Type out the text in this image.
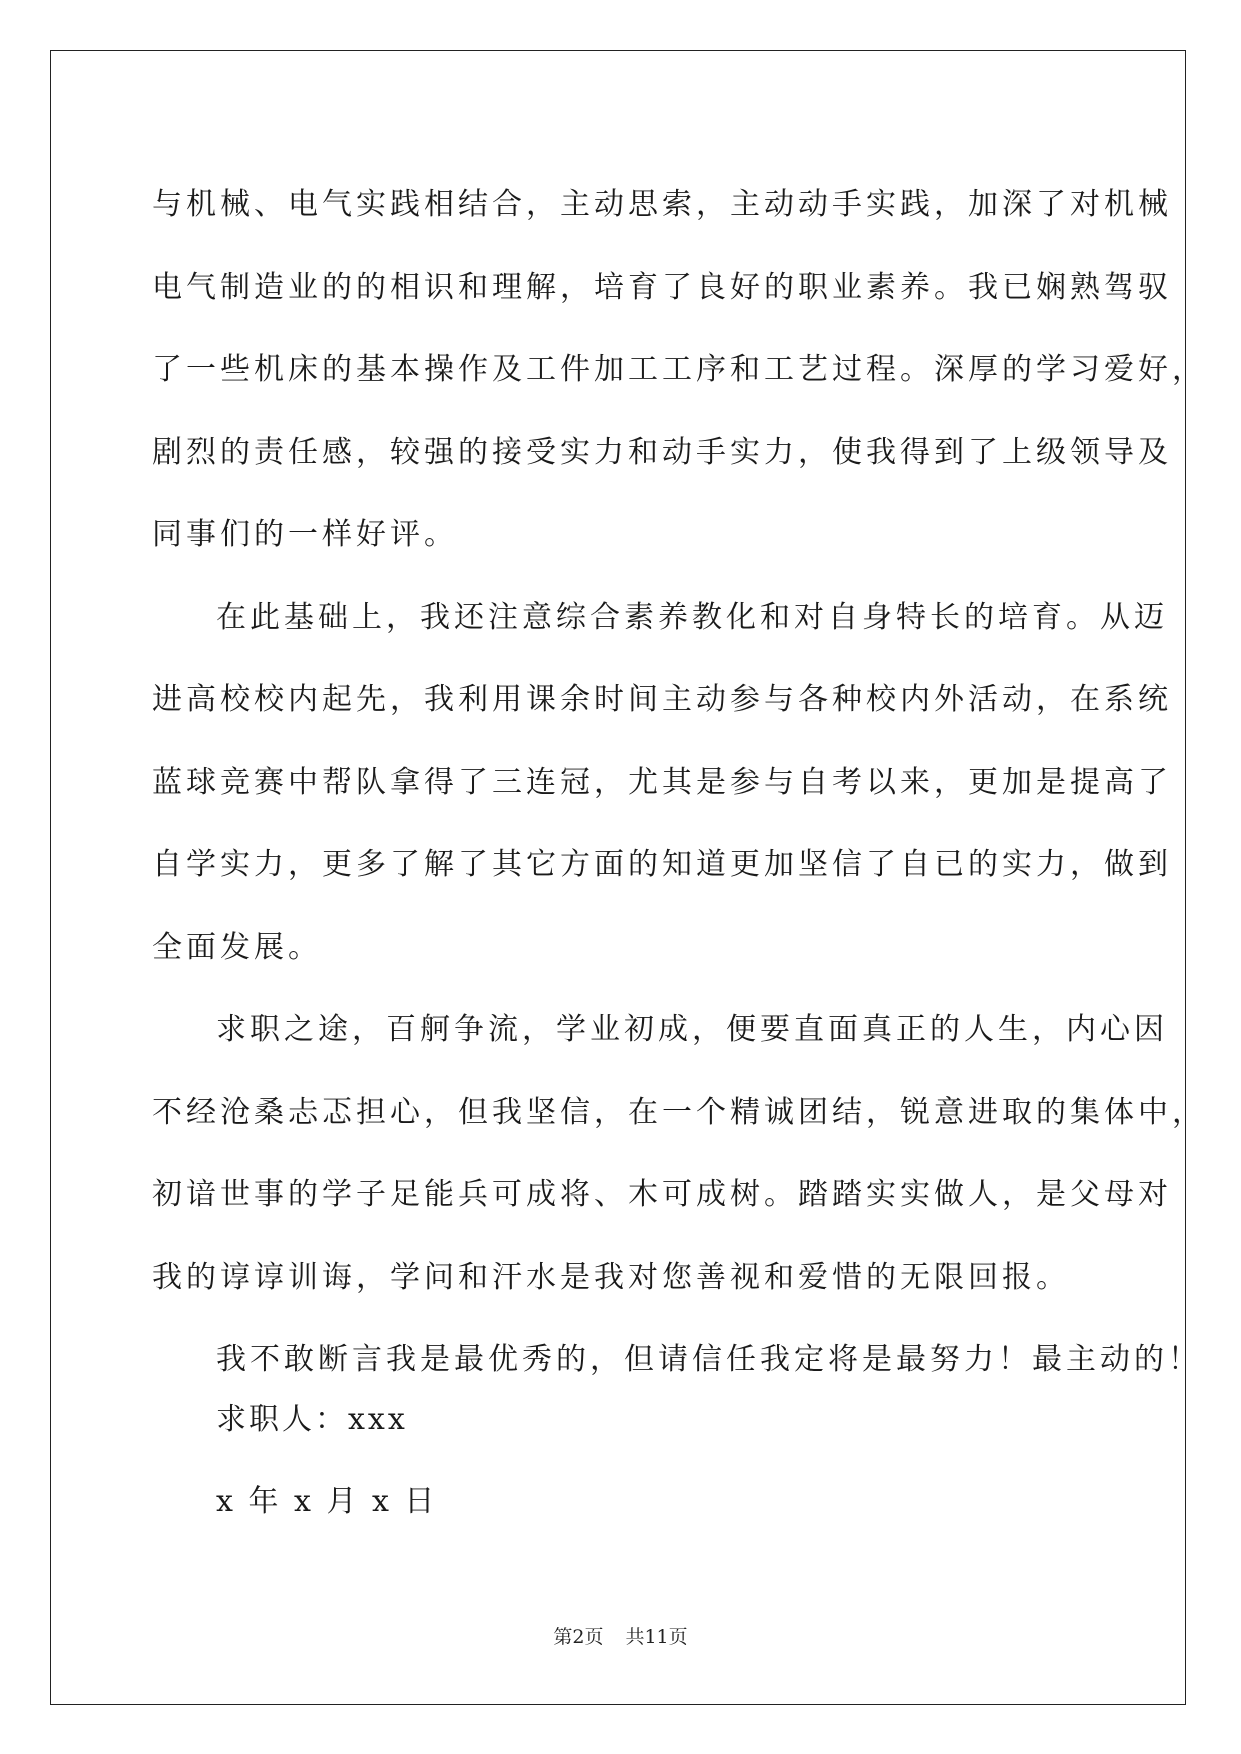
与机械、电气实践相结合，主动思索，主动动手实践，加深了对机械
电气制造业的的相识和理解，培育了良好的职业素养。我已娴熟驾驭
了一些机床的基本操作及工件加工工序和工艺过程。深厚的学习爱好，
剧烈的责任感，较强的接受实力和动手实力，使我得到了上级领导及
同事们的一样好评。
在此基础上，我还注意综合素养教化和对自身特长的培育。从迈
进高校校内起先，我利用课余时间主动参与各种校内外活动，在系统
蓝球竞赛中帮队拿得了三连冠，尤其是参与自考以来，更加是提高了
自学实力，更多了解了其它方面的知道更加坚信了自已的实力，做到
全面发展。
求职之途，百舸争流，学业初成，便要直面真正的人生，内心因
不经沧桑忐忑担心，但我坚信，在一个精诚团结，锐意进取的集体中，
初谙世事的学子足能兵可成将、木可成树。踏踏实实做人，是父母对
我的谆谆训诲，学问和汗水是我对您善视和爱惜的无限回报。
我不敢断言我是最优秀的，但请信任我定将是最努力！最主动的！
求职人：xxx
x 年 x 月 x 日
第2页 共11页
